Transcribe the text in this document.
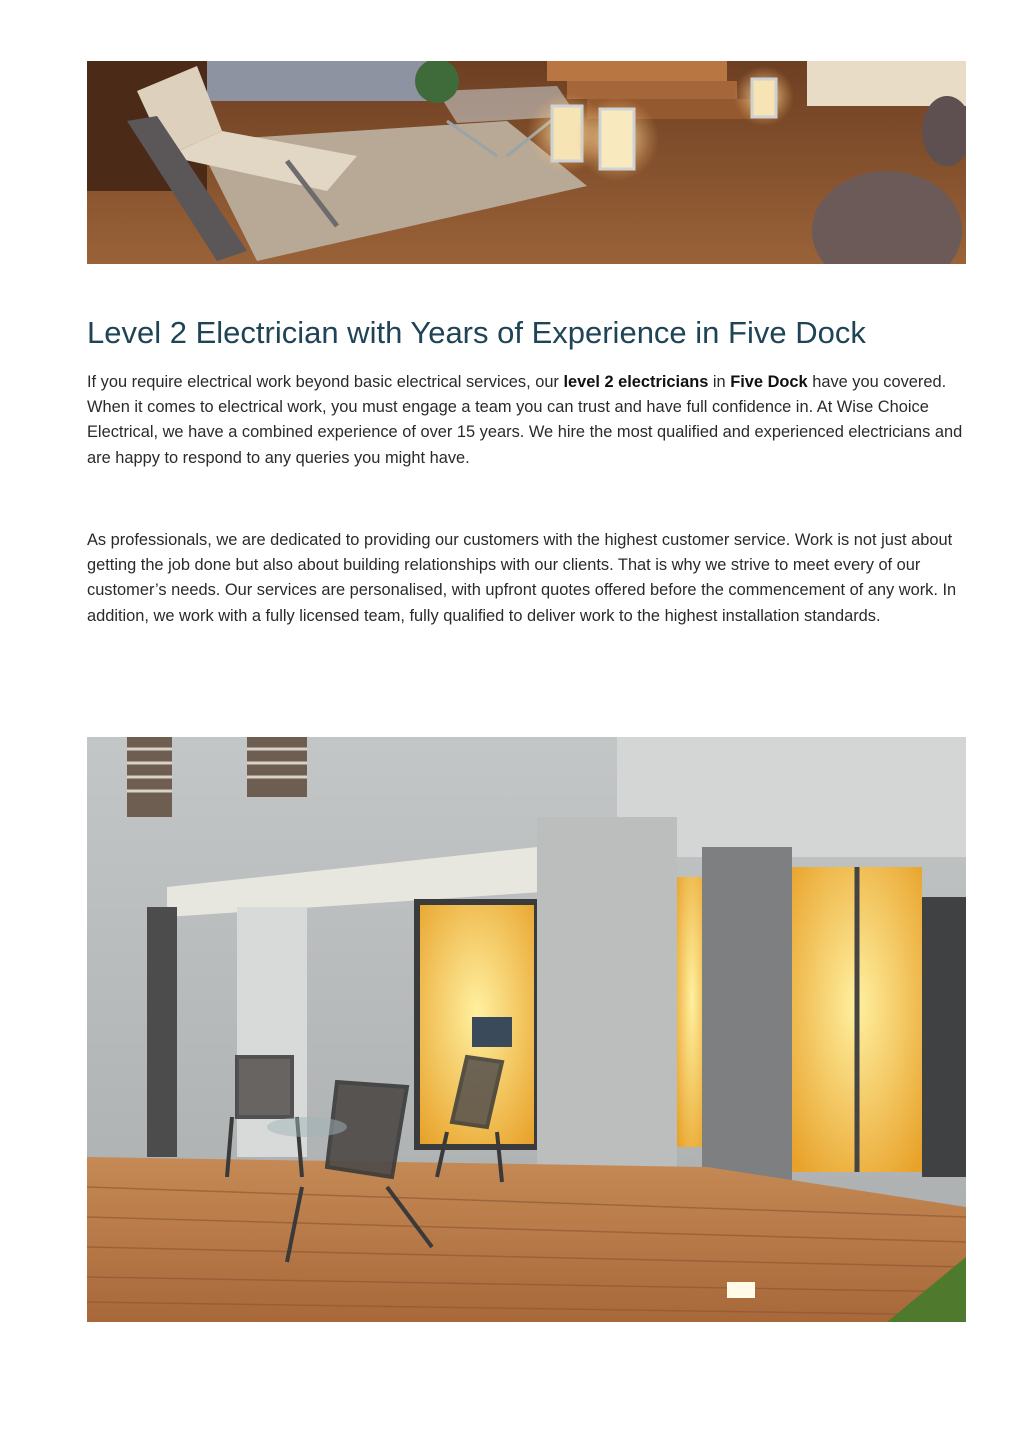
Level 2 Electrician with Years of Experience in Five Dock

If you require electrical work beyond basic electrical services, our level 2 electricians in Five Dock have you covered. When it comes to electrical work, you must engage a team you can trust and have full confidence in. At Wise Choice Electrical, we have a combined experience of over 15 years. We hire the most qualified and experienced electricians and are happy to respond to any queries you might have.

As professionals, we are dedicated to providing our customers with the highest customer service. Work is not just about getting the job done but also about building relationships with our clients. That is why we strive to meet every of our customer’s needs. Our services are personalised, with upfront quotes offered before the commencement of any work. In addition, we work with a fully licensed team, fully qualified to deliver work to the highest installation standards.
